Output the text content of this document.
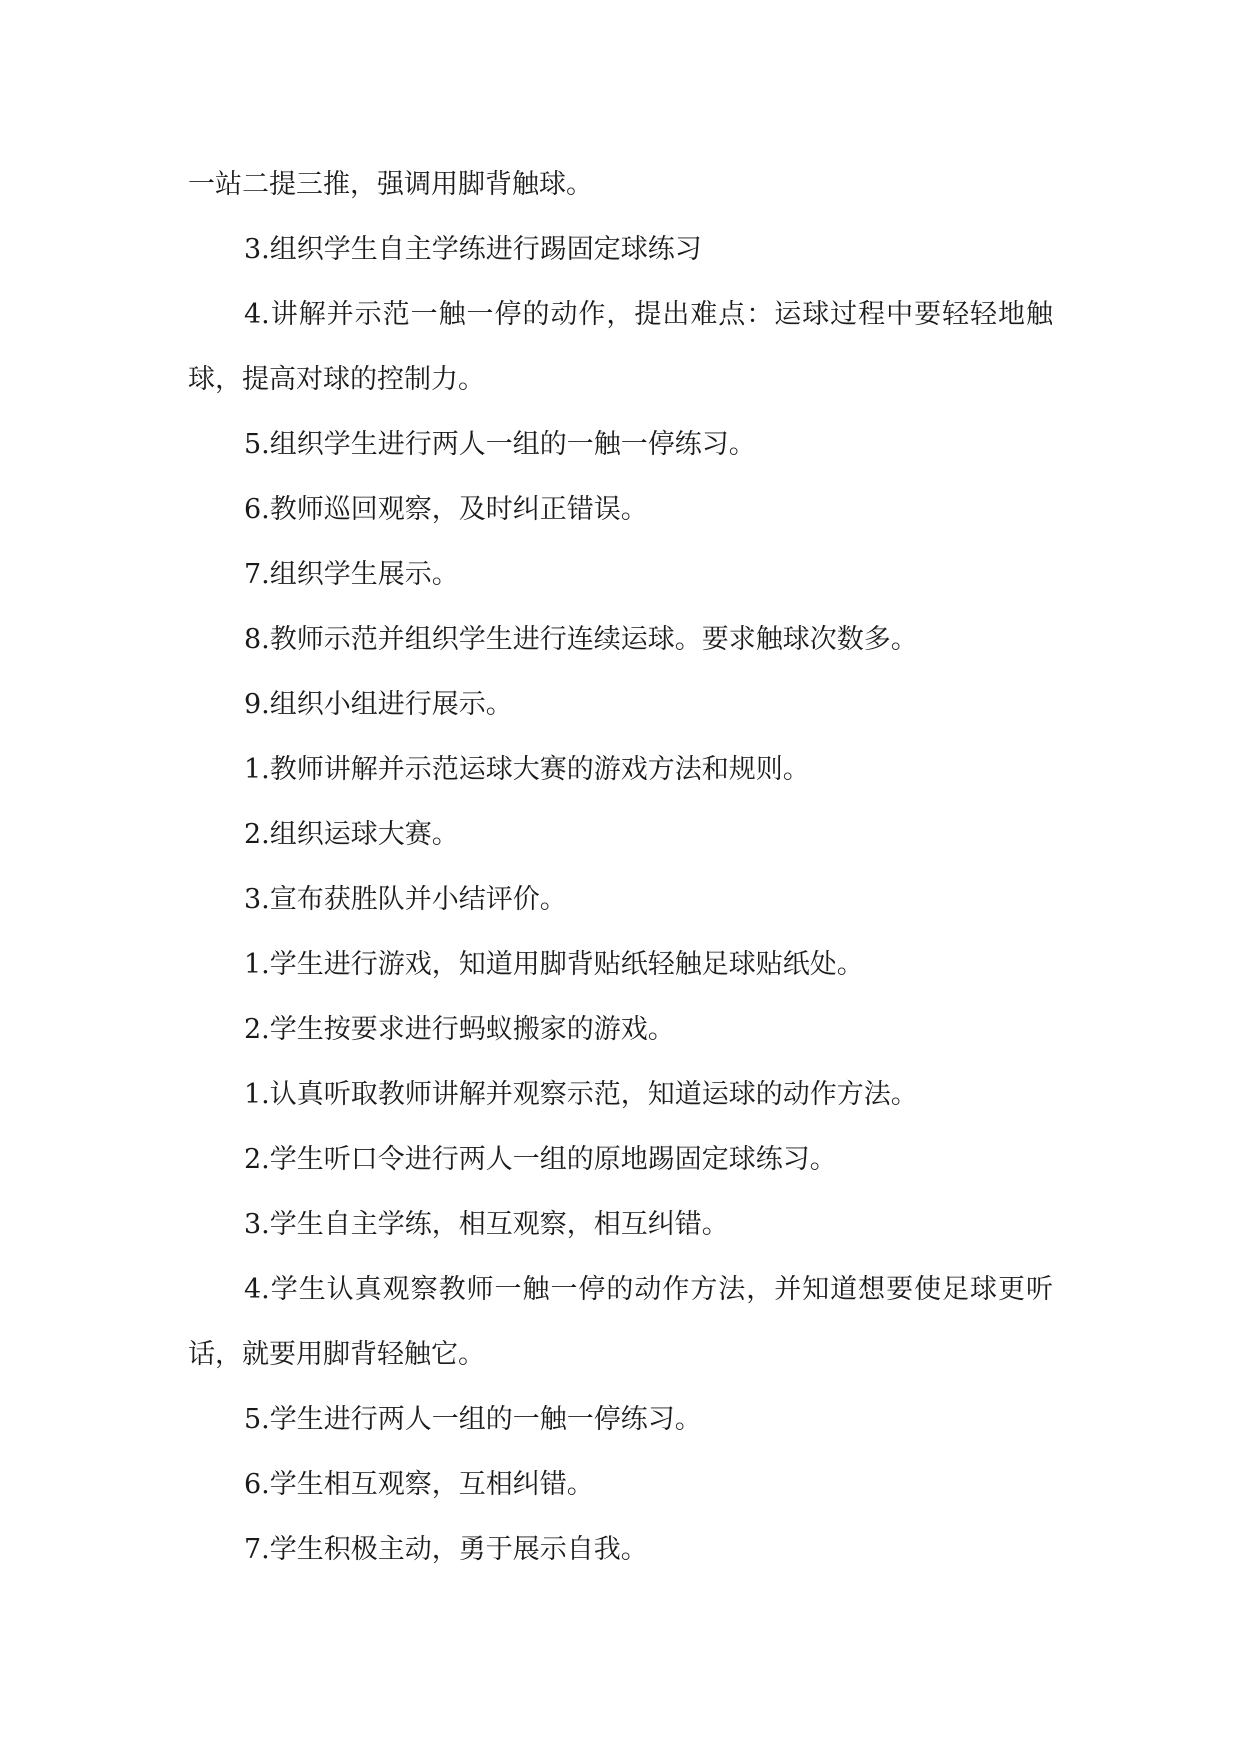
一站二提三推，强调用脚背触球。

3.组织学生自主学练进行踢固定球练习

4.讲解并示范一触一停的动作，提出难点：运球过程中要轻轻地触球，提高对球的控制力。

5.组织学生进行两人一组的一触一停练习。

6.教师巡回观察，及时纠正错误。

7.组织学生展示。

8.教师示范并组织学生进行连续运球。要求触球次数多。

9.组织小组进行展示。

1.教师讲解并示范运球大赛的游戏方法和规则。

2.组织运球大赛。

3.宣布获胜队并小结评价。

1.学生进行游戏，知道用脚背贴纸轻触足球贴纸处。

2.学生按要求进行蚂蚁搬家的游戏。

1.认真听取教师讲解并观察示范，知道运球的动作方法。

2.学生听口令进行两人一组的原地踢固定球练习。

3.学生自主学练，相互观察，相互纠错。

4.学生认真观察教师一触一停的动作方法，并知道想要使足球更听话，就要用脚背轻触它。

5.学生进行两人一组的一触一停练习。

6.学生相互观察，互相纠错。

7.学生积极主动，勇于展示自我。
